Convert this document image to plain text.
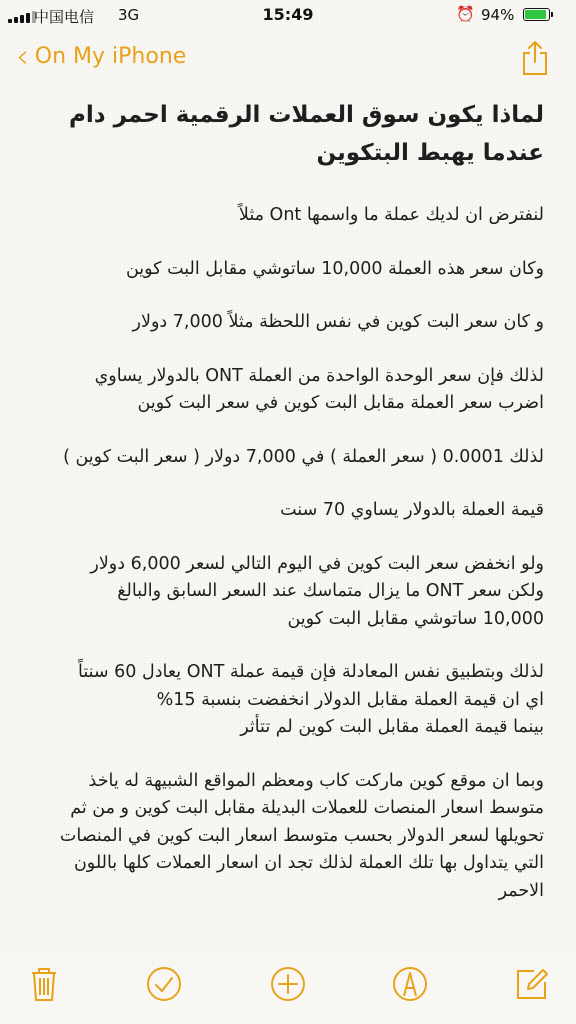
中国电信 3G	15:49	⏰ 94%
‹ On My iPhone
لماذا يكون سوق العملات الرقمية احمر دام عندما يهبط البتكوين

لنفترض ان لديك عملة ما واسمها Ont مثلاً

وكان سعر هذه العملة 10,000 ساتوشي مقابل البت كوين

و كان سعر البت كوين في نفس اللحظة مثلاً 7,000 دولار

لذلك فإن سعر الوحدة الواحدة من العملة ONT بالدولار يساوي
اضرب سعر العملة مقابل البت كوين في سعر البت كوين

لذلك 0.0001 ( سعر العملة ) في 7,000 دولار ( سعر البت كوين )

قيمة العملة بالدولار يساوي 70 سنت

ولو انخفض سعر البت كوين في اليوم التالي لسعر 6,000 دولار
ولكن سعر ONT ما يزال متماسك عند السعر السابق والبالغ
10,000 ساتوشي مقابل البت كوين

لذلك وبتطبيق نفس المعادلة فإن قيمة عملة ONT يعادل 60 سنتاً
اي ان قيمة العملة مقابل الدولار انخفضت بنسبة 15%
بينما قيمة العملة مقابل البت كوين لم تتأثر

وبما ان موقع كوين ماركت كاب ومعظم المواقع الشبيهة له ياخذ
متوسط اسعار المنصات للعملات البديلة مقابل البت كوين و من ثم
تحويلها لسعر الدولار بحسب متوسط اسعار البت كوين في المنصات
التي يتداول بها تلك العملة لذلك تجد ان اسعار العملات كلها باللون
الاحمر
